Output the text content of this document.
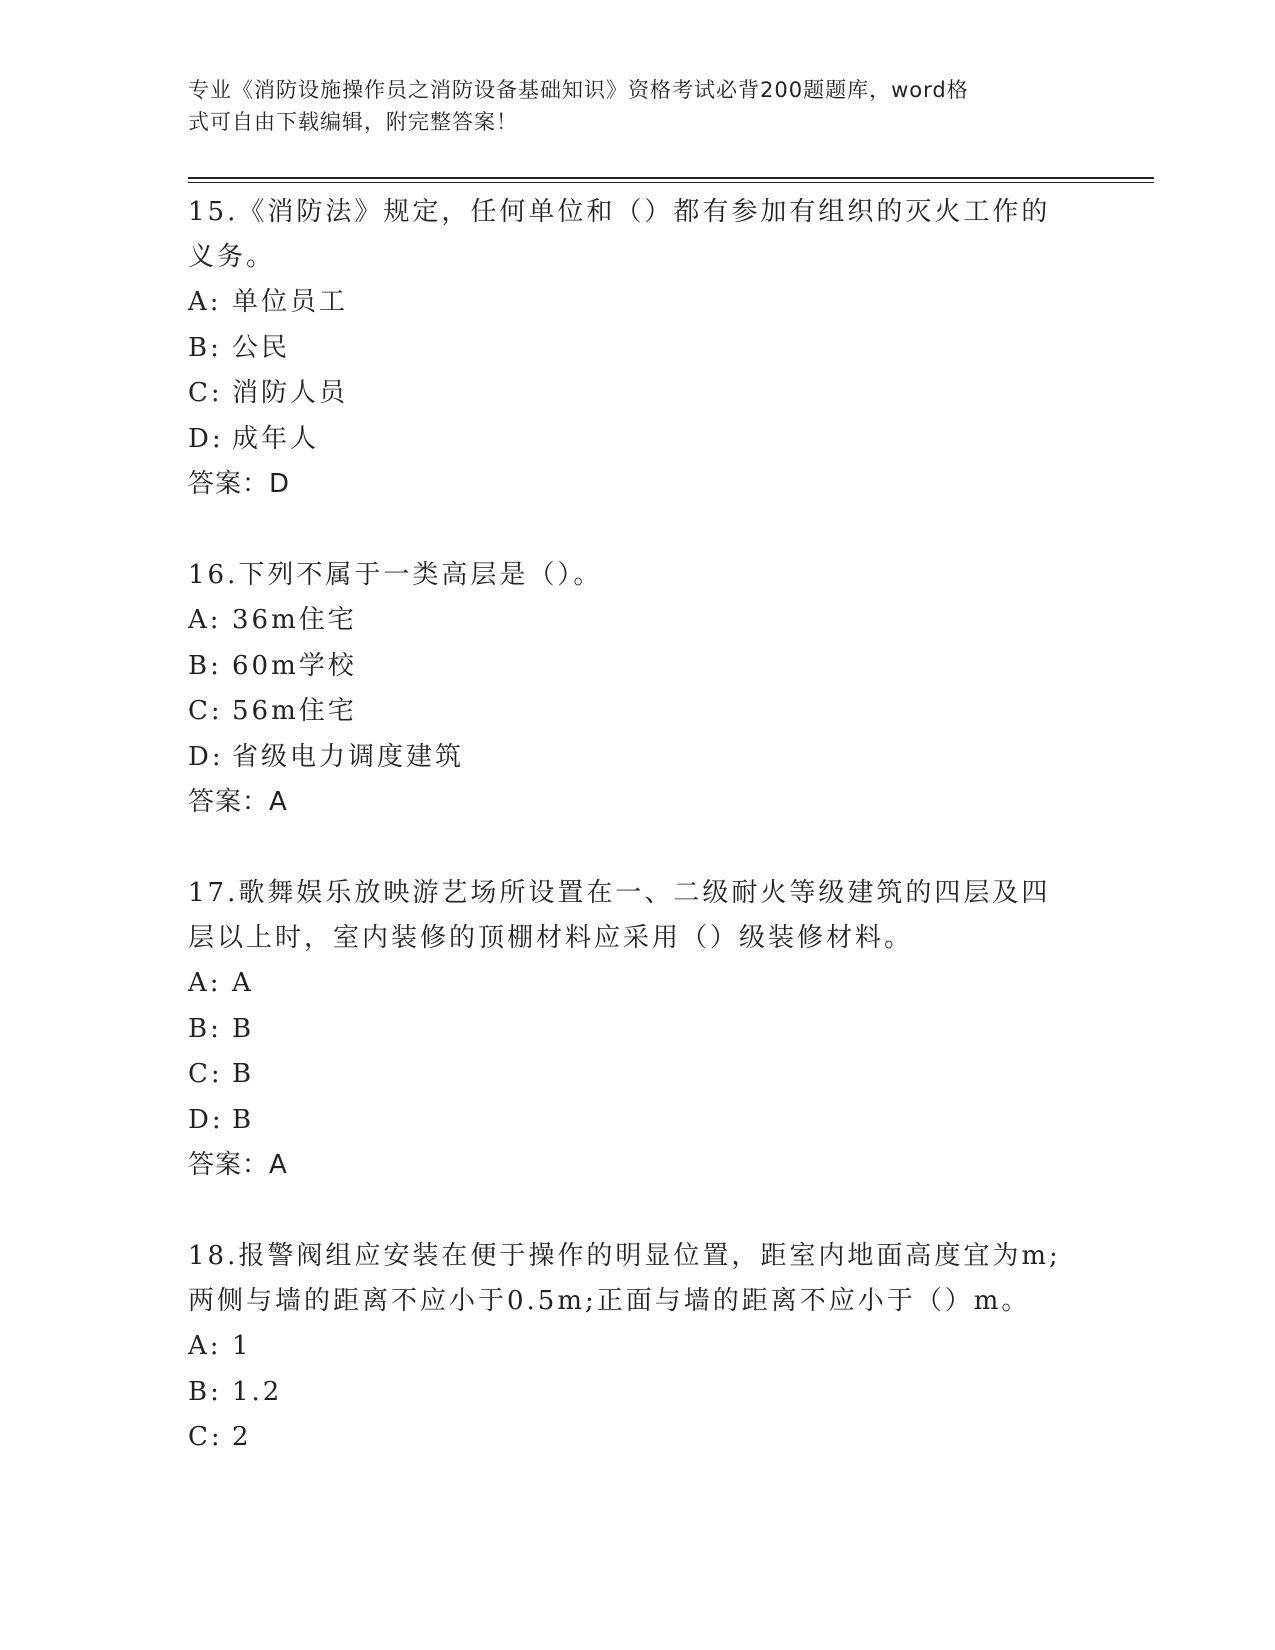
专业《消防设施操作员之消防设备基础知识》资格考试必背200题题库，word格
式可自由下载编辑，附完整答案！
15.《消防法》规定，任何单位和（）都有参加有组织的灭火工作的义务。
A: 单位员工
B: 公民
C: 消防人员
D: 成年人
答案：D
16.下列不属于一类高层是（）。
A: 36m住宅
B: 60m学校
C: 56m住宅
D: 省级电力调度建筑
答案：A
17.歌舞娱乐放映游艺场所设置在一、二级耐火等级建筑的四层及四层以上时，室内装修的顶棚材料应采用（）级装修材料。
A: A
B: B
C: B
D: B
答案：A
18.报警阀组应安装在便于操作的明显位置，距室内地面高度宜为m;两侧与墙的距离不应小于0.5m;正面与墙的距离不应小于（）m。
A: 1
B: 1.2
C: 2
